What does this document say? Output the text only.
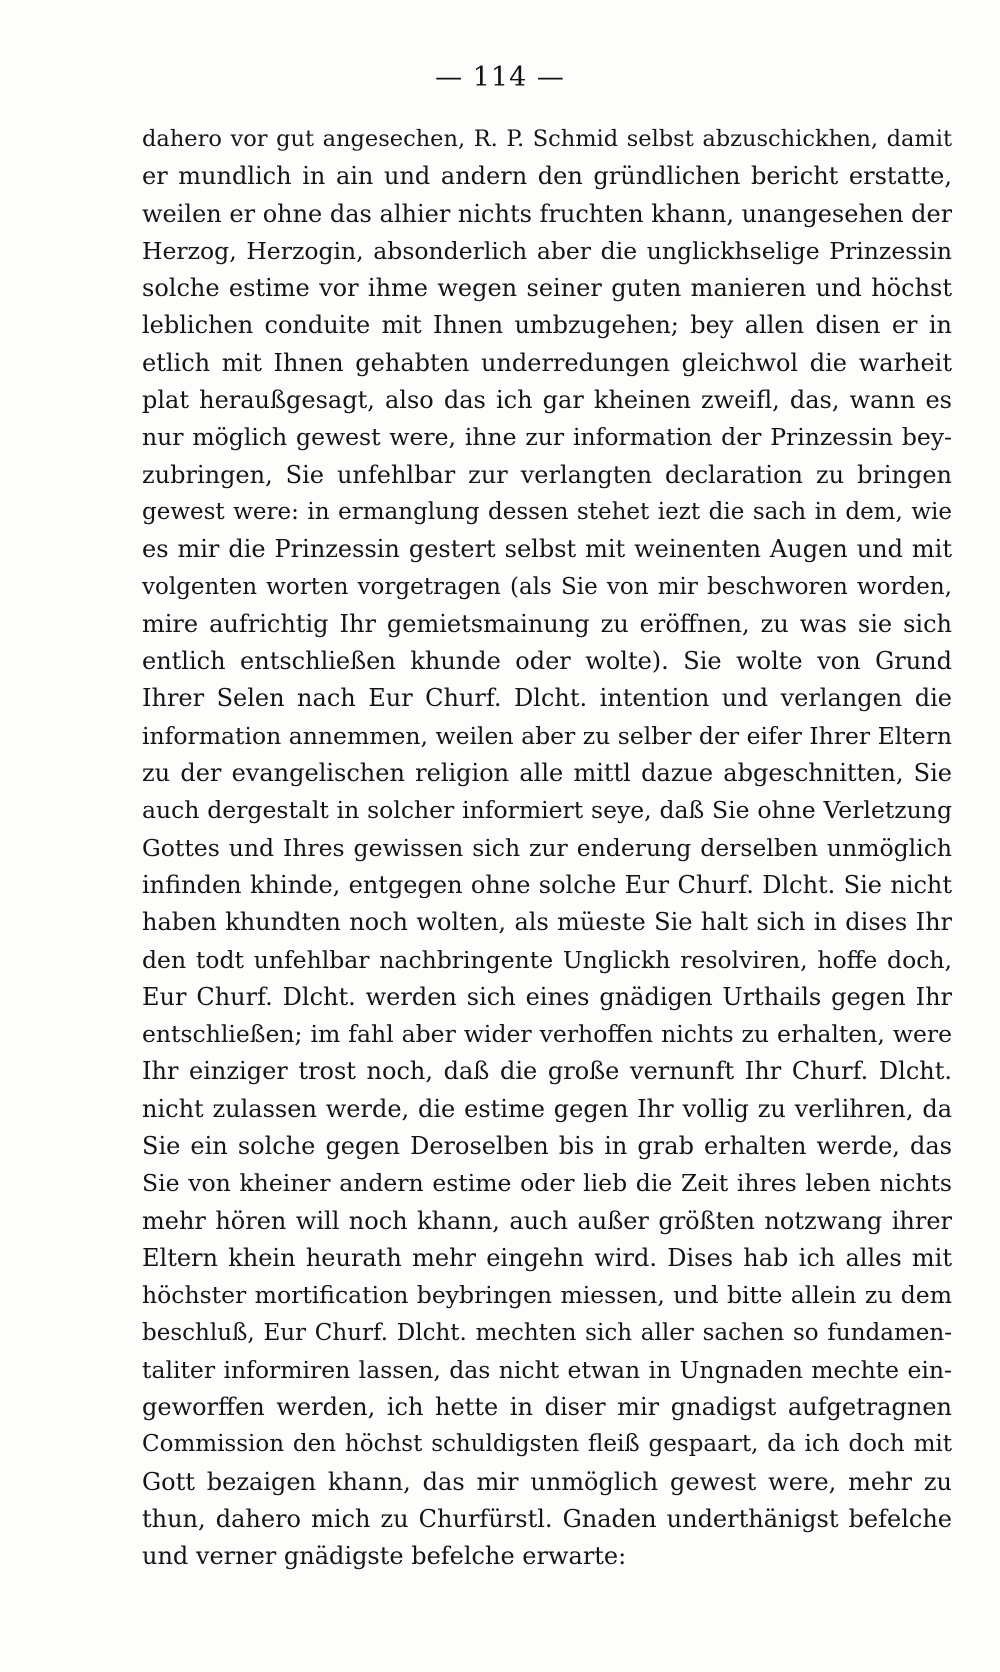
— 114 —
dahero vor gut angesechen, R. P. Schmid selbst abzuschickhen, damit
er mundlich in ain und andern den gründlichen bericht erstatte,
weilen er ohne das alhier nichts fruchten khann, unangesehen der
Herzog, Herzogin, absonderlich aber die unglickhselige Prinzessin
solche estime vor ihme wegen seiner guten manieren und höchst
leblichen conduite mit Ihnen umbzugehen; bey allen disen er in
etlich mit Ihnen gehabten underredungen gleichwol die warheit
plat heraußgesagt, also das ich gar kheinen zweifl, das, wann es
nur möglich gewest were, ihne zur information der Prinzessin bey-
zubringen, Sie unfehlbar zur verlangten declaration zu bringen
gewest were: in ermanglung dessen stehet iezt die sach in dem, wie
es mir die Prinzessin gestert selbst mit weinenten Augen und mit
volgenten worten vorgetragen (als Sie von mir beschworen worden,
mire aufrichtig Ihr gemietsmainung zu eröffnen, zu was sie sich
entlich entschließen khunde oder wolte). Sie wolte von Grund
Ihrer Selen nach Eur Churf. Dlcht. intention und verlangen die
information annemmen, weilen aber zu selber der eifer Ihrer Eltern
zu der evangelischen religion alle mittl dazue abgeschnitten, Sie
auch dergestalt in solcher informiert seye, daß Sie ohne Verletzung
Gottes und Ihres gewissen sich zur enderung derselben unmöglich
infinden khinde, entgegen ohne solche Eur Churf. Dlcht. Sie nicht
haben khundten noch wolten, als müeste Sie halt sich in dises Ihr
den todt unfehlbar nachbringente Unglickh resolviren, hoffe doch,
Eur Churf. Dlcht. werden sich eines gnädigen Urthails gegen Ihr
entschließen; im fahl aber wider verhoffen nichts zu erhalten, were
Ihr einziger trost noch, daß die große vernunft Ihr Churf. Dlcht.
nicht zulassen werde, die estime gegen Ihr vollig zu verlihren, da
Sie ein solche gegen Deroselben bis in grab erhalten werde, das
Sie von kheiner andern estime oder lieb die Zeit ihres leben nichts
mehr hören will noch khann, auch außer größten notzwang ihrer
Eltern khein heurath mehr eingehn wird. Dises hab ich alles mit
höchster mortification beybringen miessen, und bitte allein zu dem
beschluß, Eur Churf. Dlcht. mechten sich aller sachen so fundamen-
taliter informiren lassen, das nicht etwan in Ungnaden mechte ein-
geworffen werden, ich hette in diser mir gnadigst aufgetragnen
Commission den höchst schuldigsten fleiß gespaart, da ich doch mit
Gott bezaigen khann, das mir unmöglich gewest were, mehr zu
thun, dahero mich zu Churfürstl. Gnaden underthänigst befelche
und verner gnädigste befelche erwarte:
